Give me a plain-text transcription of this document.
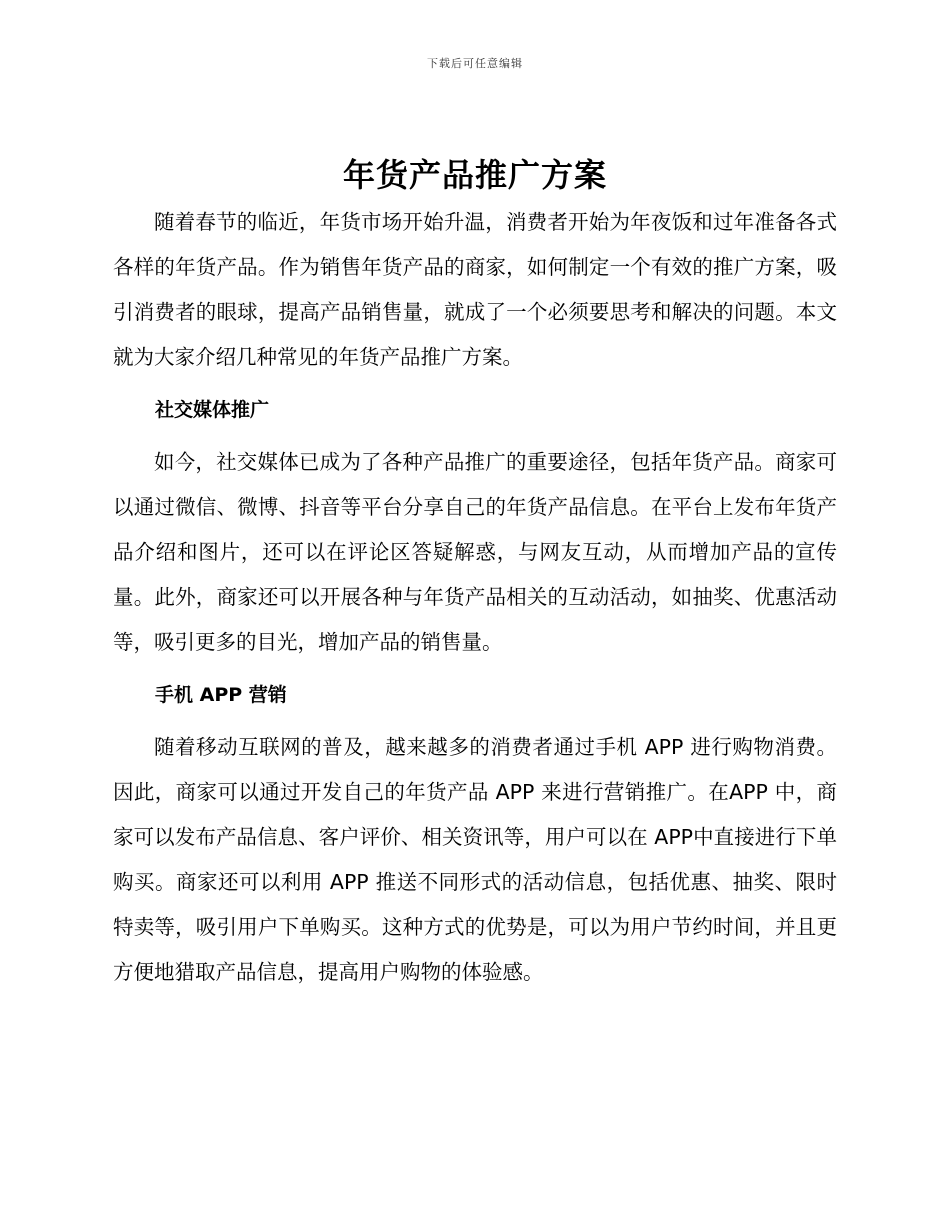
下载后可任意编辑
年货产品推广方案

随着春节的临近，年货市场开始升温，消费者开始为年夜饭和过年准备各式各样的年货产品。作为销售年货产品的商家，如何制定一个有效的推广方案，吸引消费者的眼球，提高产品销售量，就成了一个必须要思考和解决的问题。本文就为大家介绍几种常见的年货产品推广方案。

社交媒体推广

如今，社交媒体已成为了各种产品推广的重要途径，包括年货产品。商家可以通过微信、微博、抖音等平台分享自己的年货产品信息。在平台上发布年货产品介绍和图片，还可以在评论区答疑解惑，与网友互动，从而增加产品的宣传量。此外，商家还可以开展各种与年货产品相关的互动活动，如抽奖、优惠活动等，吸引更多的目光，增加产品的销售量。

手机 APP 营销

随着移动互联网的普及，越来越多的消费者通过手机 APP 进行购物消费。因此，商家可以通过开发自己的年货产品 APP 来进行营销推广。在APP 中，商家可以发布产品信息、客户评价、相关资讯等，用户可以在 APP中直接进行下单购买。商家还可以利用 APP 推送不同形式的活动信息，包括优惠、抽奖、限时特卖等，吸引用户下单购买。这种方式的优势是，可以为用户节约时间，并且更方便地猎取产品信息，提高用户购物的体验感。
